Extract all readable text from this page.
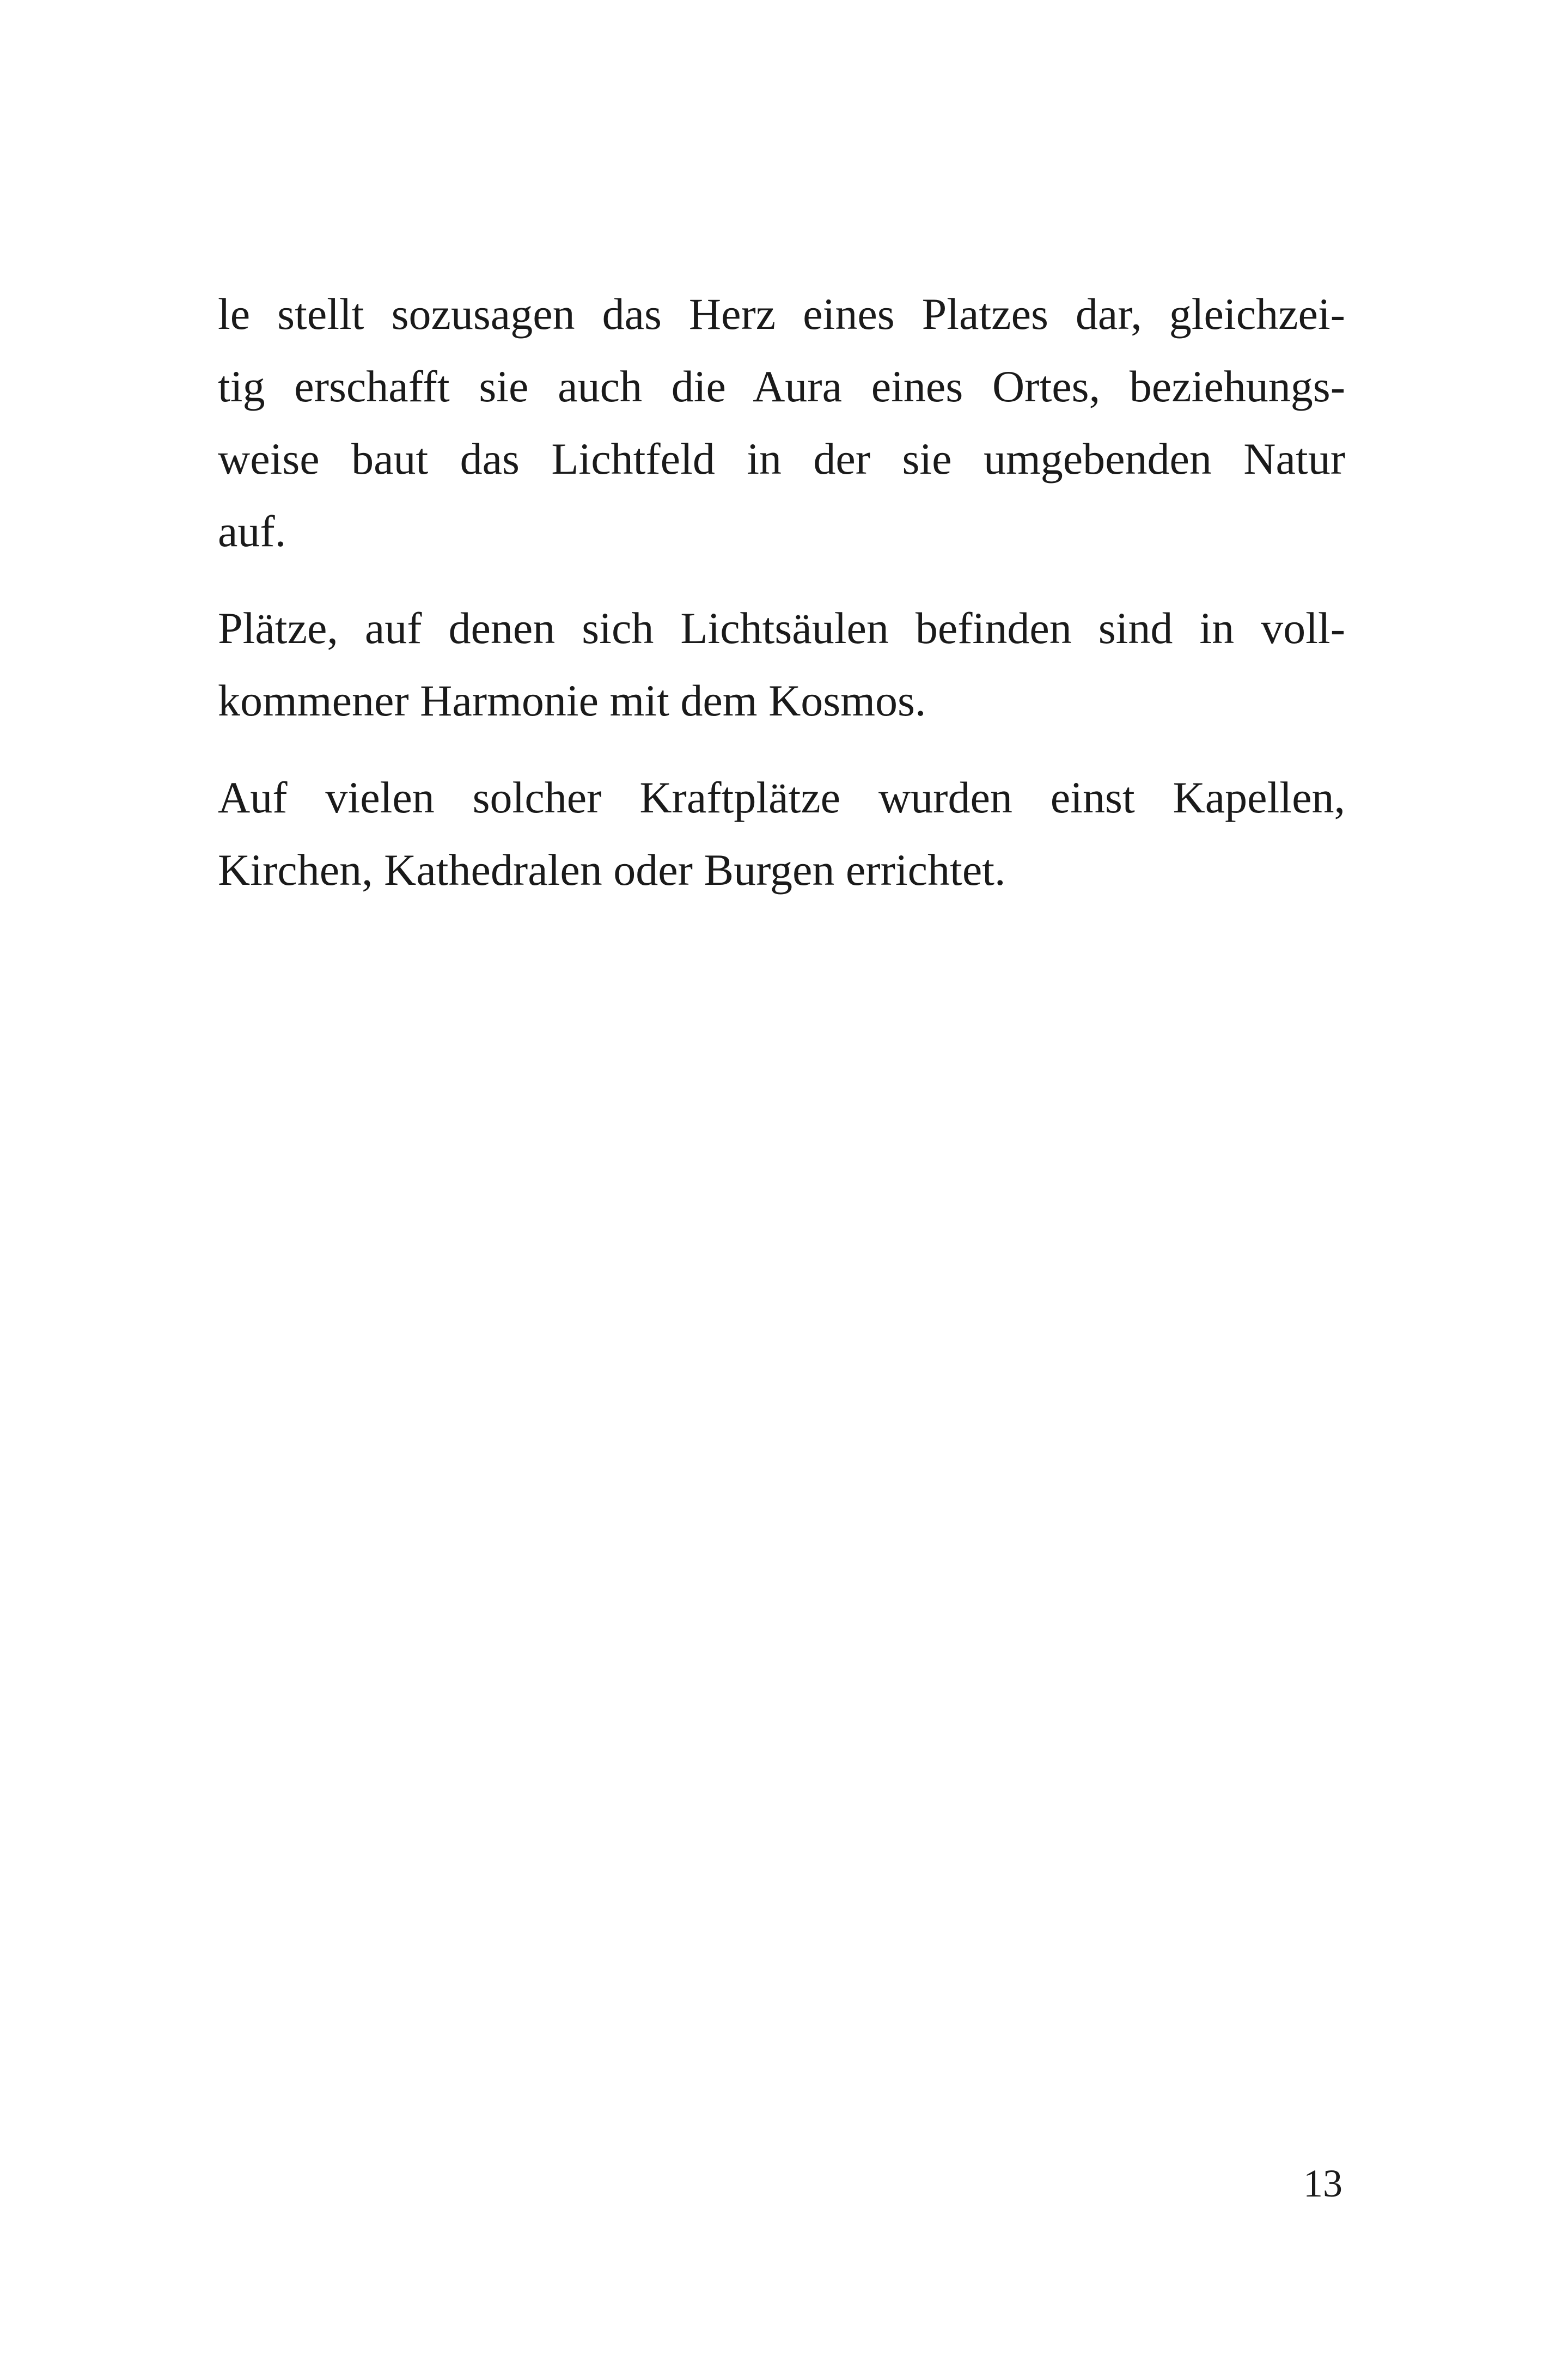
le stellt sozusagen das Herz eines Platzes dar, gleichzei-
tig erschafft sie auch die Aura eines Ortes, beziehungs-
weise baut das Lichtfeld in der sie umgebenden Natur
auf.
Plätze, auf denen sich Lichtsäulen befinden sind in voll-
kommener Harmonie mit dem Kosmos.
Auf vielen solcher Kraftplätze wurden einst Kapellen,
Kirchen, Kathedralen oder Burgen errichtet.
13
